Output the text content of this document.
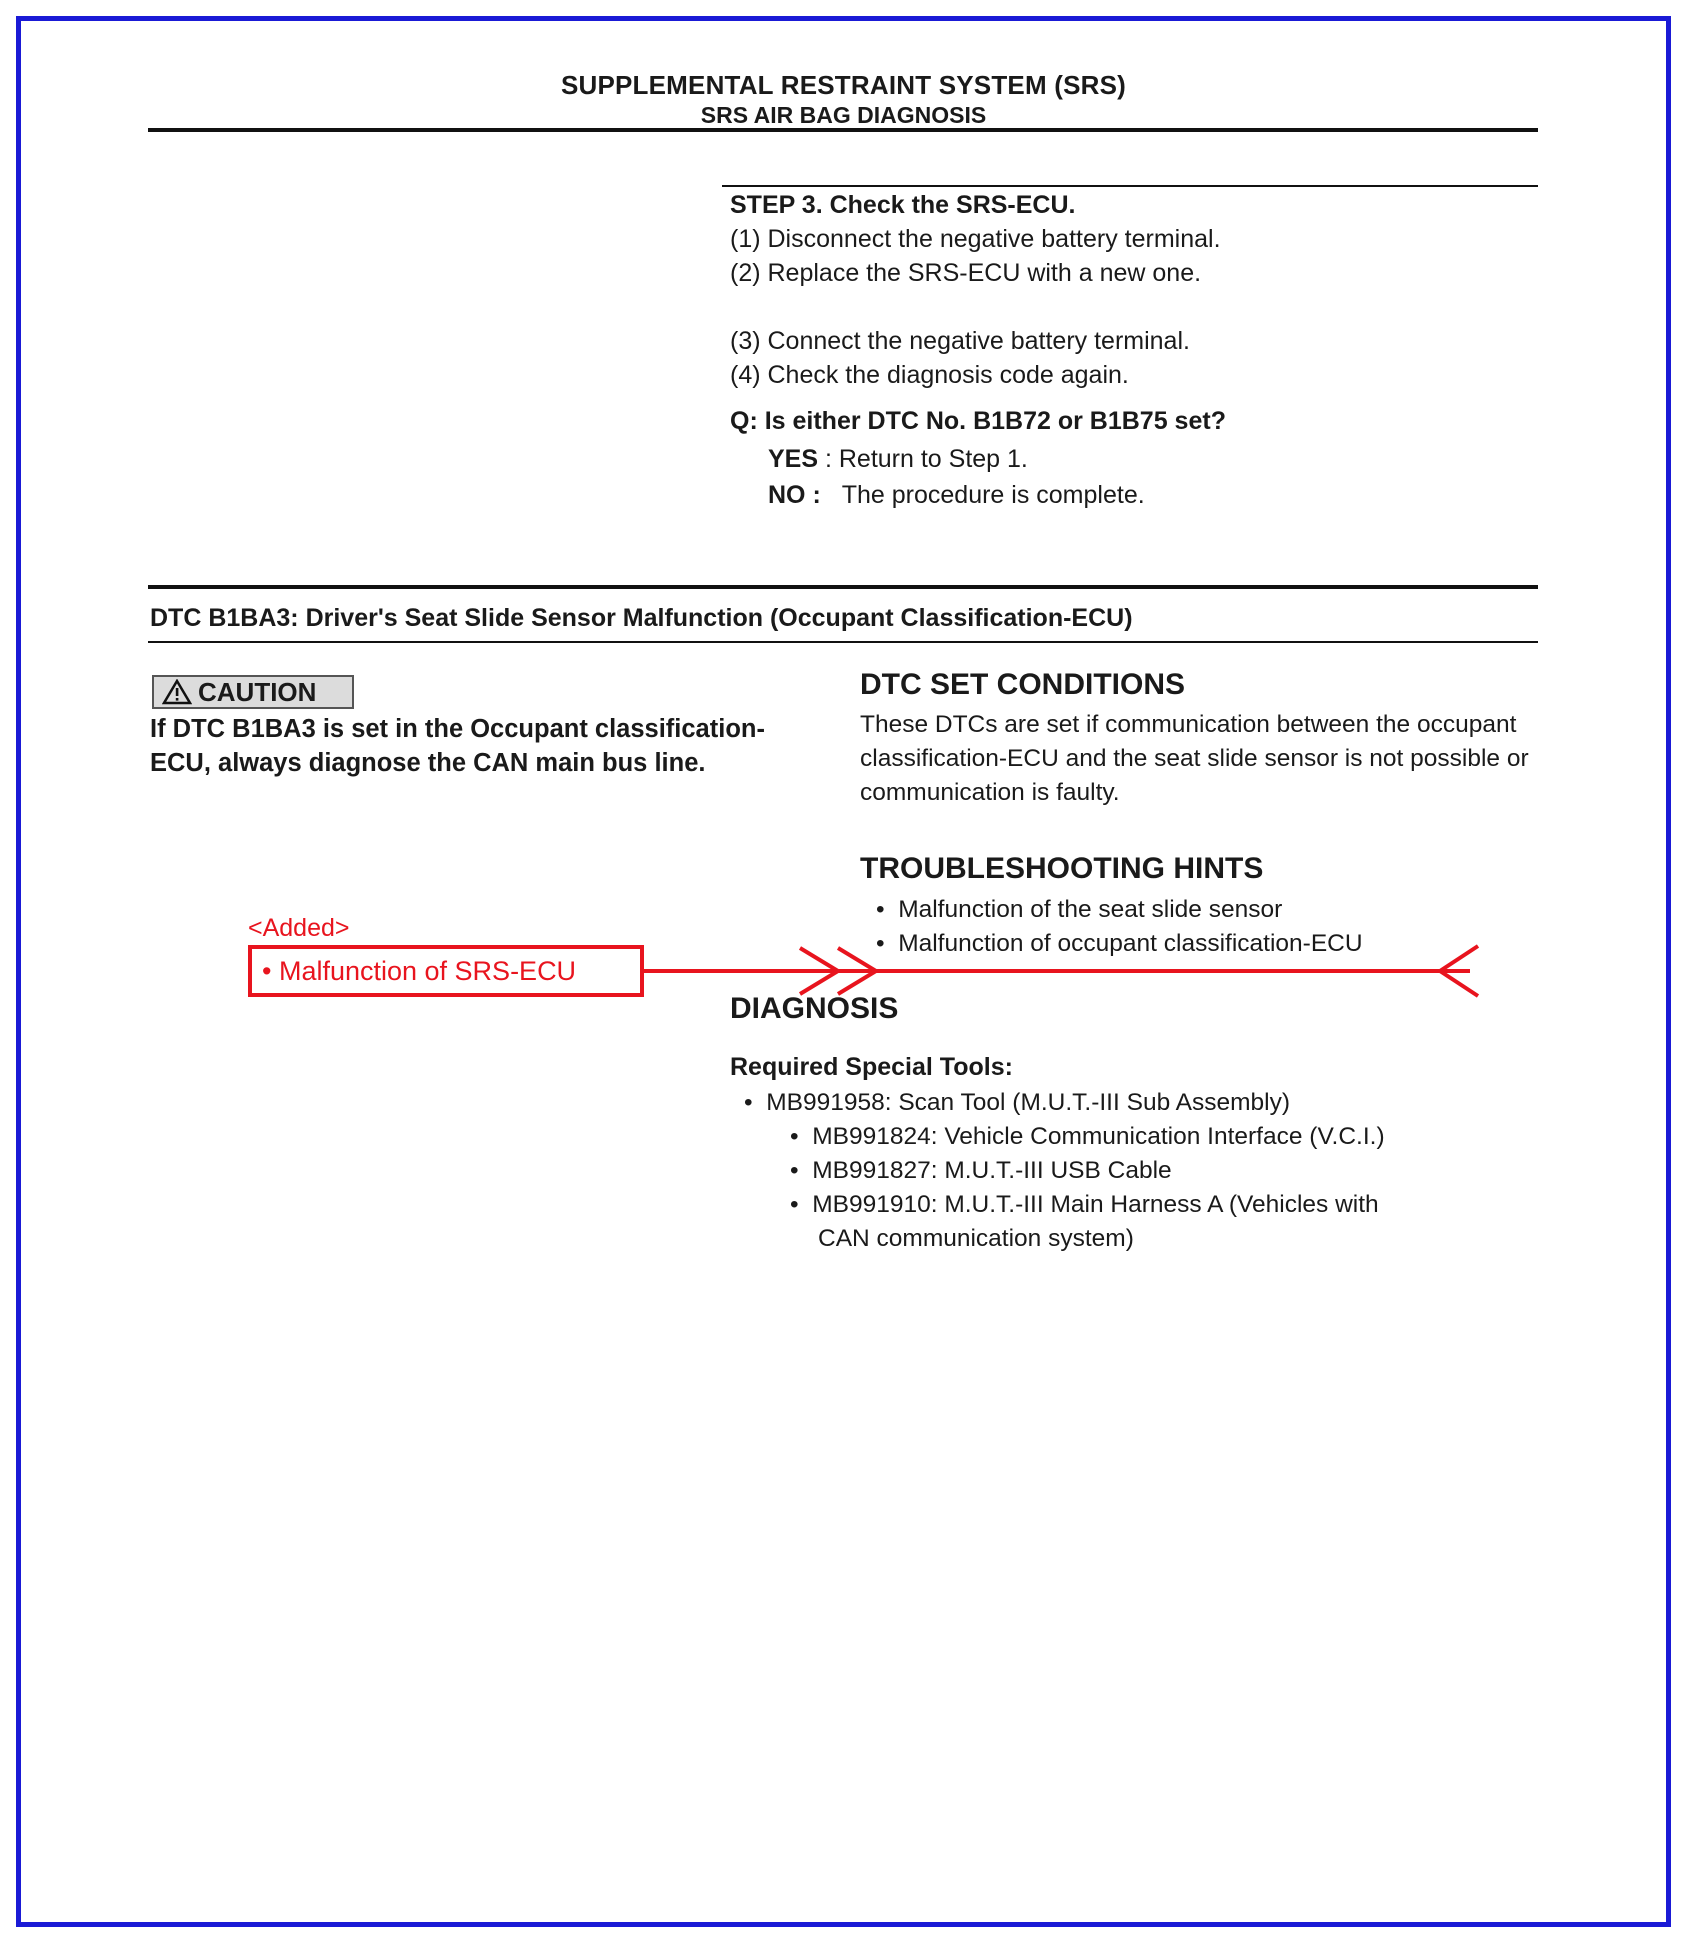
SUPPLEMENTAL RESTRAINT SYSTEM (SRS)
SRS AIR BAG DIAGNOSIS
STEP 3. Check the SRS-ECU.
(1) Disconnect the negative battery terminal.
(2) Replace the SRS-ECU with a new one.
(3) Connect the negative battery terminal.
(4) Check the diagnosis code again.
Q: Is either DTC No. B1B72 or B1B75 set?
YES : Return to Step 1.
NO : The procedure is complete.
DTC B1BA3: Driver's Seat Slide Sensor Malfunction (Occupant Classification-ECU)
CAUTION
If DTC B1BA3 is set in the Occupant classification-ECU, always diagnose the CAN main bus line.
DTC SET CONDITIONS
These DTCs are set if communication between the occupant classification-ECU and the seat slide sensor is not possible or communication is faulty.
TROUBLESHOOTING HINTS
•  Malfunction of the seat slide sensor
•  Malfunction of occupant classification-ECU
<Added>
• Malfunction of SRS-ECU
DIAGNOSIS
Required Special Tools:
•  MB991958: Scan Tool (M.U.T.-III Sub Assembly)
•  MB991824: Vehicle Communication Interface (V.C.I.)
•  MB991827: M.U.T.-III USB Cable
•  MB991910: M.U.T.-III Main Harness A (Vehicles with
CAN communication system)
